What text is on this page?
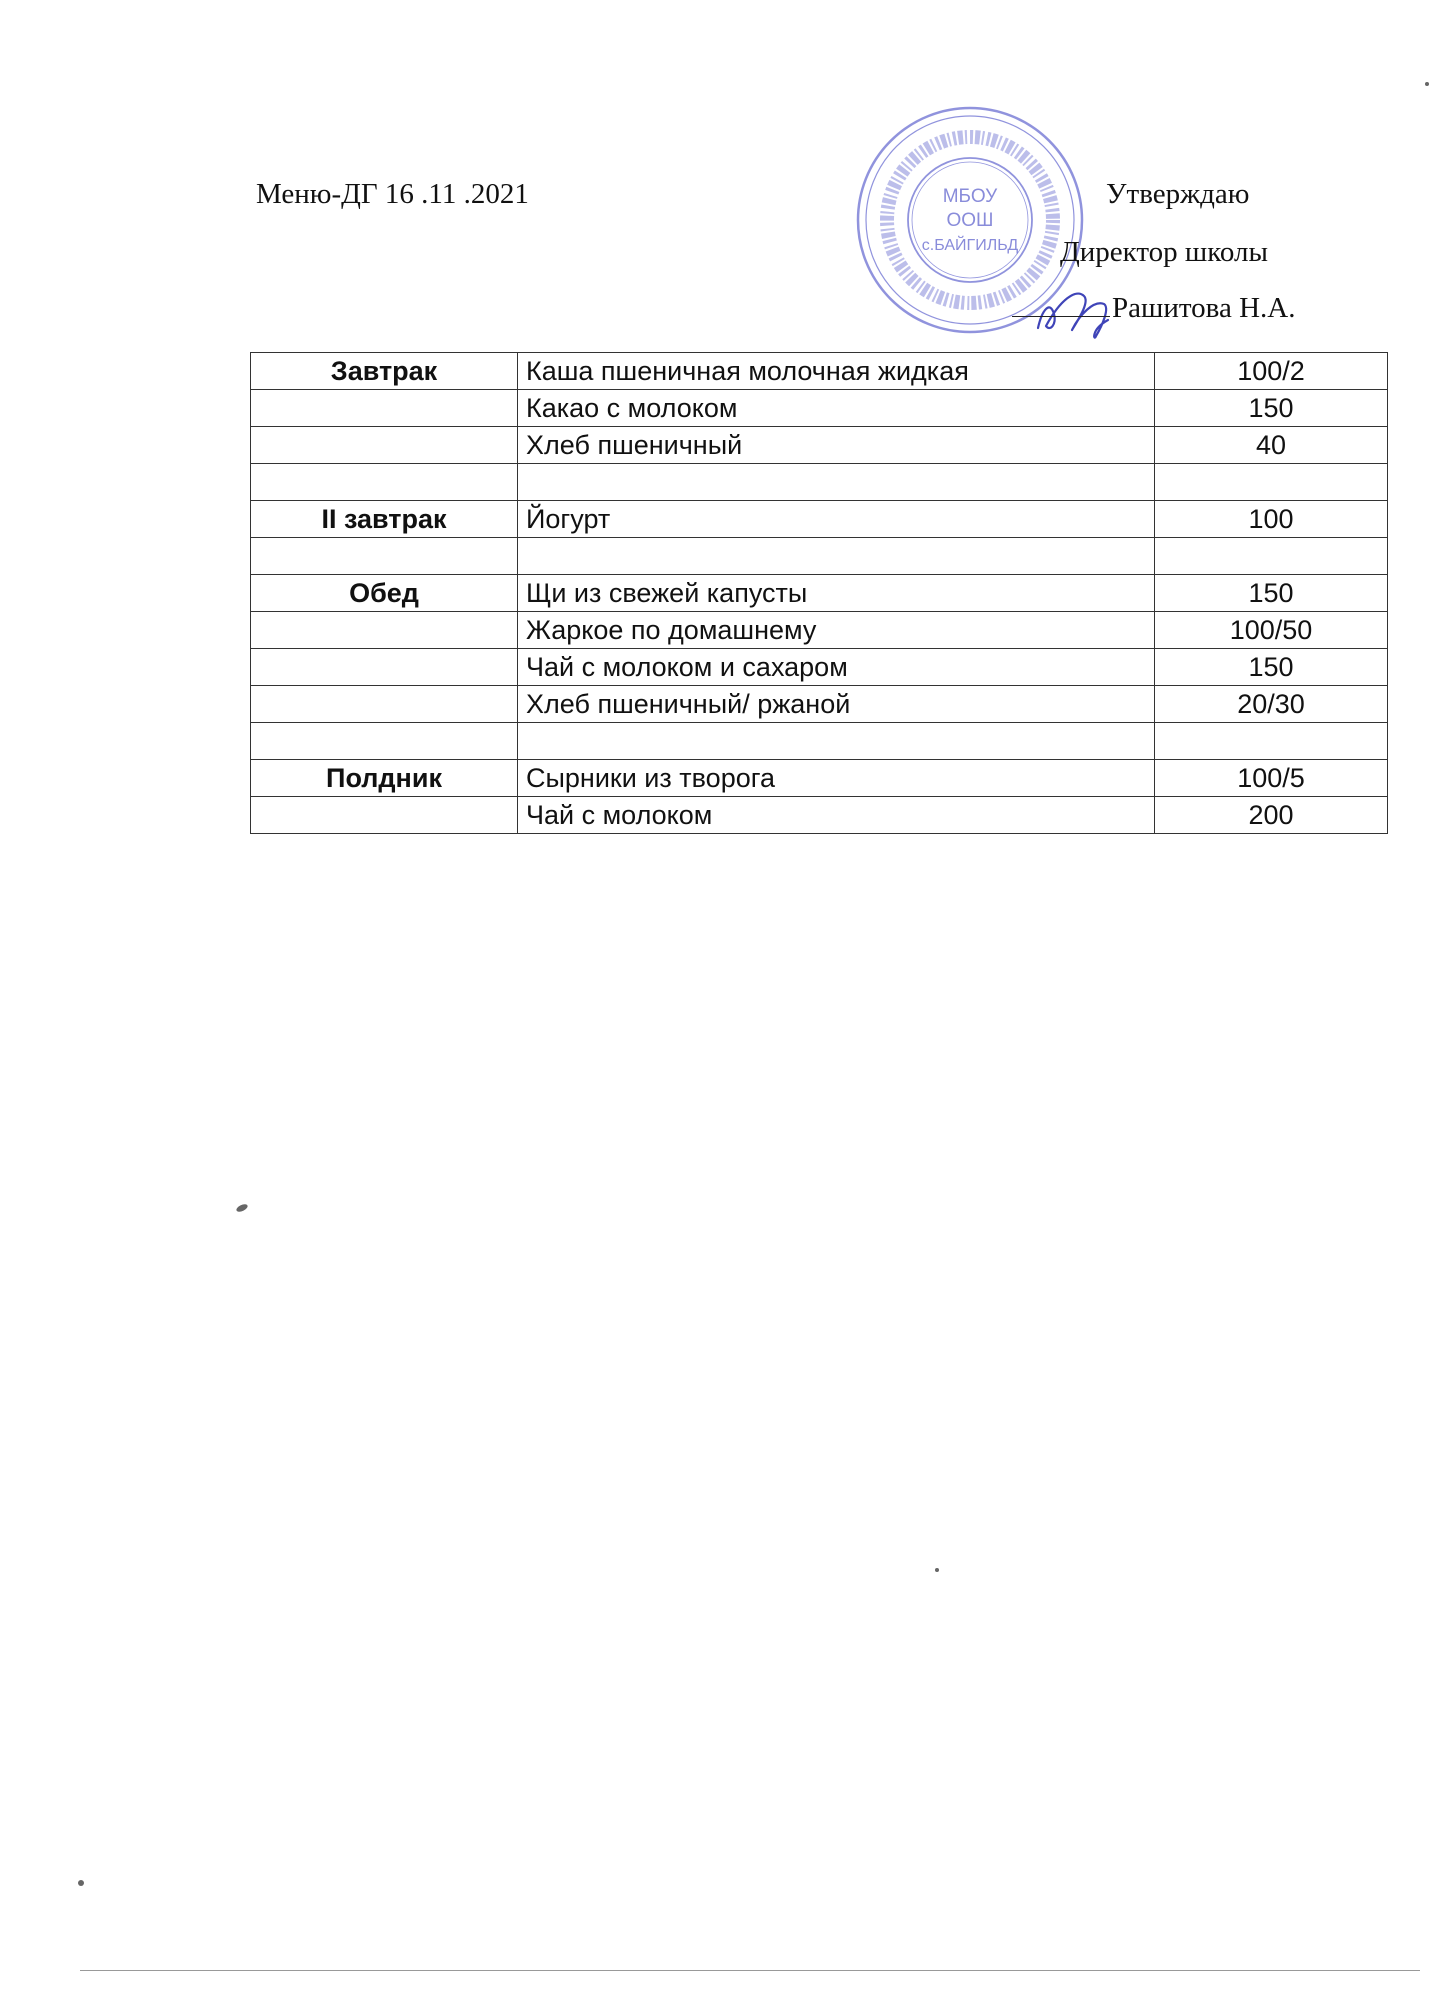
Меню-ДГ 16 .11 .2021	МБОУ
ООШ
с.БАЙГИЛЬД
Утверждаю
Директор школы
Рашитова Н.А.
Завтрак	Каша пшеничная молочная жидкая	100/2
	Какао с молоком	150
	Хлеб пшеничный	40

II завтрак	Йогурт	100

Обед	Щи из свежей капусты	150
	Жаркое по домашнему	100/50
	Чай с молоком и сахаром	150
	Хлеб пшеничный/ ржаной	20/30

Полдник	Сырники из творога	100/5
	Чай с молоком	200
